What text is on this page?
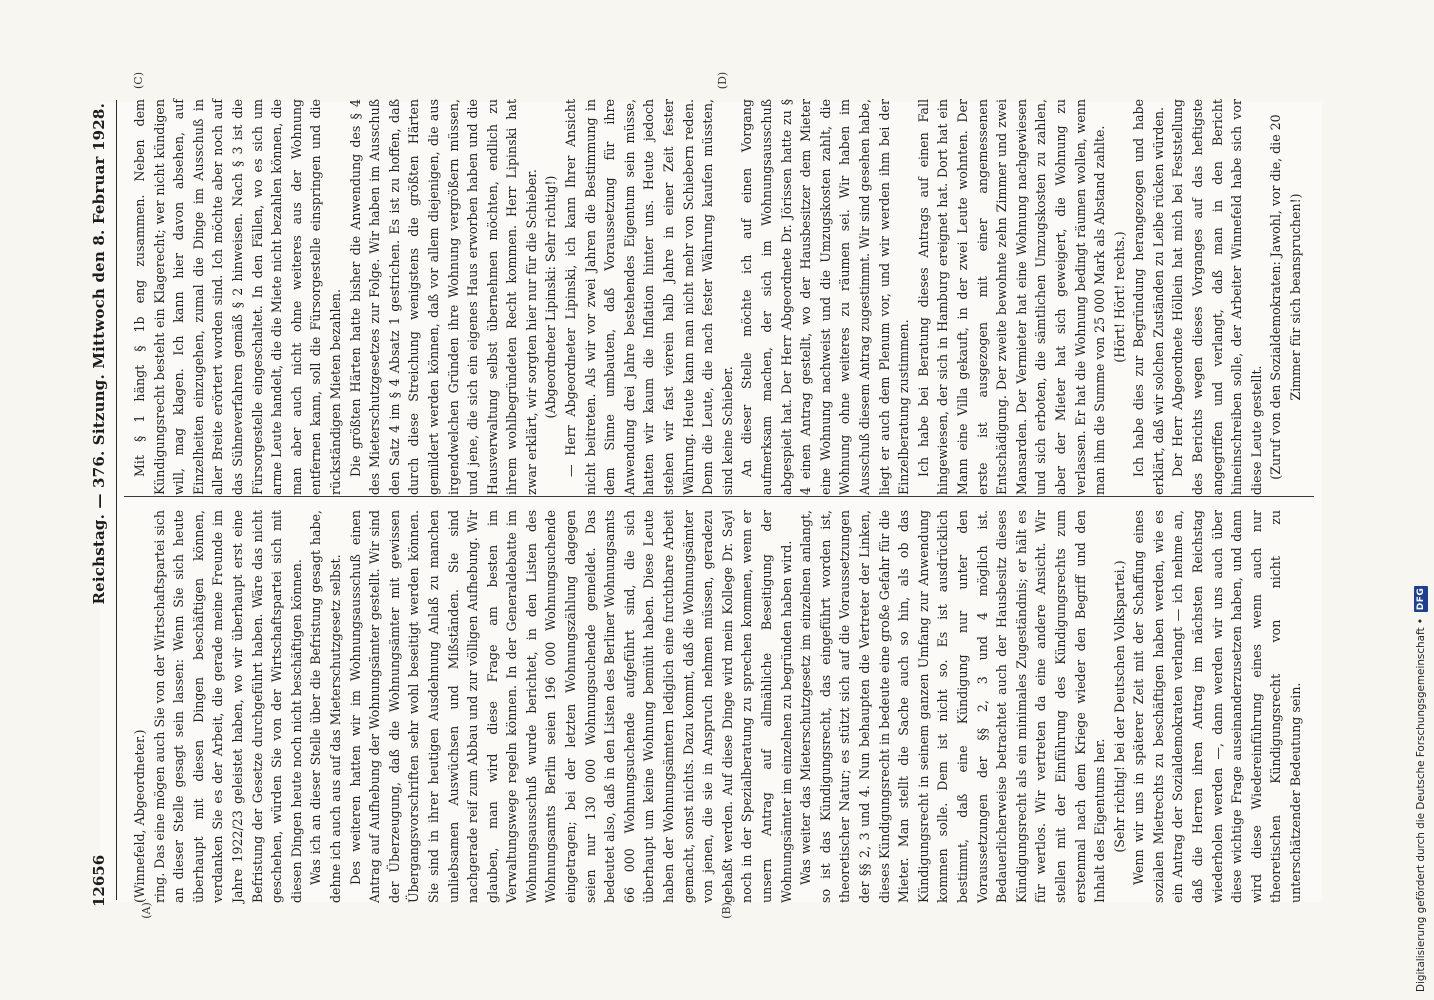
12656
Reichstag. — 376. Sitzung. Mittwoch den 8. Februar 1928.
(A)	(B)
(C)	(D)

(Winnefeld, Abgeordneter.) ring. Das eine mögen auch Sie von der Wirtschaftspartei sich an dieser Stelle gesagt sein lassen: Wenn Sie sich heute überhaupt mit diesen Dingen beschäftigen können, verdanken Sie es der Arbeit, die gerade meine Freunde im Jahre 1922/23 geleistet haben, wo wir überhaupt erst eine Befristung der Gesetze durchgeführt haben. Wäre das nicht geschehen, würden Sie von der Wirtschaftspartei sich mit diesen Dingen heute noch nicht beschäftigen können. Was ich an dieser Stelle über die Befristung gesagt habe, dehne ich auch aus auf das Mieterschutzgesetz selbst. Des weiteren hatten wir im Wohnungsausschuß einen Antrag auf Aufhebung der Wohnungsämter gestellt. Wir sind der Überzeugung, daß die Wohnungsämter mit gewissen Übergangsvorschriften sehr wohl beseitigt werden können. Sie sind in ihrer heutigen Ausdehnung Anlaß zu manchen unliebsamen Auswüchsen und Mißständen. Sie sind nachgerade reif zum Abbau und zur völligen Aufhebung. Wir glauben, man wird diese Frage am besten im Verwaltungswege regeln können. In der Generaldebatte im Wohnungsausschuß wurde berichtet, in den Listen des Wohnungsamts Berlin seien 196 000 Wohnungsuchende eingetragen; bei der letzten Wohnungszählung dagegen seien nur 130 000 Wohnungsuchende gemeldet. Das bedeutet also, daß in den Listen des Berliner Wohnungsamts 66 000 Wohnungsuchende aufgeführt sind, die sich überhaupt um keine Wohnung bemüht haben. Diese Leute haben der Wohnungsämtern lediglich eine furchtbare Arbeit gemacht, sonst nichts. Dazu kommt, daß die Wohnungsämter von jenen, die sie in Anspruch nehmen müssen, geradezu gehaßt werden. Auf diese Dinge wird mein Kollege Dr. Sayl noch in der Spezialberatung zu sprechen kommen, wenn er unsern Antrag auf allmähliche Beseitigung der Wohnungsämter im einzelnen zu begründen haben wird. Was weiter das Mieterschutzgesetz im einzelnen anlangt, so ist das Kündigungsrecht, das eingeführt worden ist, theoretischer Natur; es stützt sich auf die Voraussetzungen der §§ 2, 3 und 4. Nun behaupten die Vertreter der Linken, dieses Kündigungsrecht in bedeute eine große Gefahr für die Mieter. Man stellt die Sache auch so hin, als ob das Kündigungsrecht in seinem ganzen Umfang zur Anwendung kommen solle. Dem ist nicht so. Es ist ausdrücklich bestimmt, daß eine Kündigung nur unter den Voraussetzungen der §§ 2, 3 und 4 möglich ist. Bedauerlicherweise betrachtet auch der Hausbesitz dieses Kündigungsrecht als ein minimales Zugeständnis; er hält es für wertlos. Wir vertreten da eine andere Ansicht. Wir stellen mit der Einführung des Kündigungsrechts zum erstenmal nach dem Kriege wieder den Begriff und den Inhalt des Eigentums her. (Sehr richtig! bei der Deutschen Volkspartei.) Wenn wir uns in späterer Zeit mit der Schaffung eines sozialen Mietrechts zu beschäftigen haben werden, wie es ein Antrag der Sozialdemokraten verlangt — ich nehme an, daß die Herren ihren Antrag im nächsten Reichstag wiederholen werden —, dann werden wir uns auch über diese wichtige Frage auseinanderzusetzen haben, und dann wird diese Wiedereinführung eines wenn auch nur theoretischen Kündigungsrecht von nicht zu unterschätzender Bedeutung sein.

Mit § 1 hängt § 1b eng zusammen. Neben dem Kündigungsrecht besteht ein Klagerecht; wer nicht kündigen will, mag klagen. Ich kann hier davon absehen, auf Einzelheiten einzugehen, zumal die Dinge im Ausschuß in aller Breite erörtert worden sind. Ich möchte aber noch auf das Sühneverfahren gemäß § 2 hinweisen. Nach § 3 ist die Fürsorgestelle eingeschaltet. In den Fällen, wo es sich um arme Leute handelt, die die Miete nicht bezahlen können, die man aber auch nicht ohne weiteres aus der Wohnung entfernen kann, soll die Fürsorgestelle einspringen und die rückständigen Mieten bezahlen. Die größten Härten hatte bisher die Anwendung des § 4 des Mieterschutzgesetzes zur Folge. Wir haben im Ausschuß den Satz 4 im § 4 Absatz 1 gestrichen. Es ist zu hoffen, daß durch diese Streichung wenigstens die größten Härten gemildert werden können, daß vor allem diejenigen, die aus irgendwelchen Gründen ihre Wohnung vergrößern müssen, und jene, die sich ein eigenes Haus erworben haben und die Hausverwaltung selbst übernehmen möchten, endlich zu ihrem wohlbegründeten Recht kommen. Herr Lipinski hat zwar erklärt, wir sorgten hier nur für die Schieber. (Abgeordneter Lipinski: Sehr richtig!) — Herr Abgeordneter Lipinski, ich kann Ihrer Ansicht nicht beitreten. Als wir vor zwei Jahren die Bestimmung in dem Sinne umbauten, daß Voraussetzung für ihre Anwendung drei Jahre bestehendes Eigentum sein müsse, hatten wir kaum die Inflation hinter uns. Heute jedoch stehen wir fast vierein halb Jahre in einer Zeit fester Währung. Heute kann man nicht mehr von Schiebern reden. Denn die Leute, die nach fester Währung kaufen müssten, sind keine Schieber. An dieser Stelle möchte ich auf einen Vorgang aufmerksam machen, der sich im Wohnungsausschuß abgespielt hat. Der Herr Abgeordnete Dr. Jörissen hatte zu § 4 einen Antrag gestellt, wo der Hausbesitzer dem Mieter eine Wohnung nachweist und die Umzugskosten zahlt, die Wohnung ohne weiteres zu räumen sei. Wir haben im Ausschuß diesem Antrag zugestimmt. Wir sind gesehen habe, liegt er auch dem Plenum vor, und wir werden ihm bei der Einzelberatung zustimmen. Ich habe bei Beratung dieses Antrags auf einen Fall hingewiesen, der sich in Hamburg ereignet hat. Dort hat ein Mann eine Villa gekauft, in der zwei Leute wohnten. Der erste ist ausgezogen mit einer angemessenen Entschädigung. Der zweite bewohnte zehn Zimmer und zwei Mansarden. Der Vermieter hat eine Wohnung nachgewiesen und sich erboten, die sämtlichen Umzugskosten zu zahlen, aber der Mieter hat sich geweigert, die Wohnung zu verlassen. Er hat die Wohnung bedingt räumen wollen, wenn man ihm die Summe von 25 000 Mark als Abstand zahlte. (Hört! Hört! rechts.) Ich habe dies zur Begründung herangezogen und habe erklärt, daß wir solchen Zuständen zu Leibe rücken würden. Der Herr Abgeordnete Höllein hat mich bei Feststellung des Berichts wegen dieses Vorganges auf das heftigste angegriffen und verlangt, daß man in den Bericht hineinschreiben solle, der Arbeiter Winnefeld habe sich vor diese Leute gestellt. (Zuruf von den Sozialdemokraten: Jawohl, vor die, die 20 Zimmer für sich beanspruchen!)

Digitalisierung gefördert durch die Deutsche Forschungsgemeinschaft •
DFG
